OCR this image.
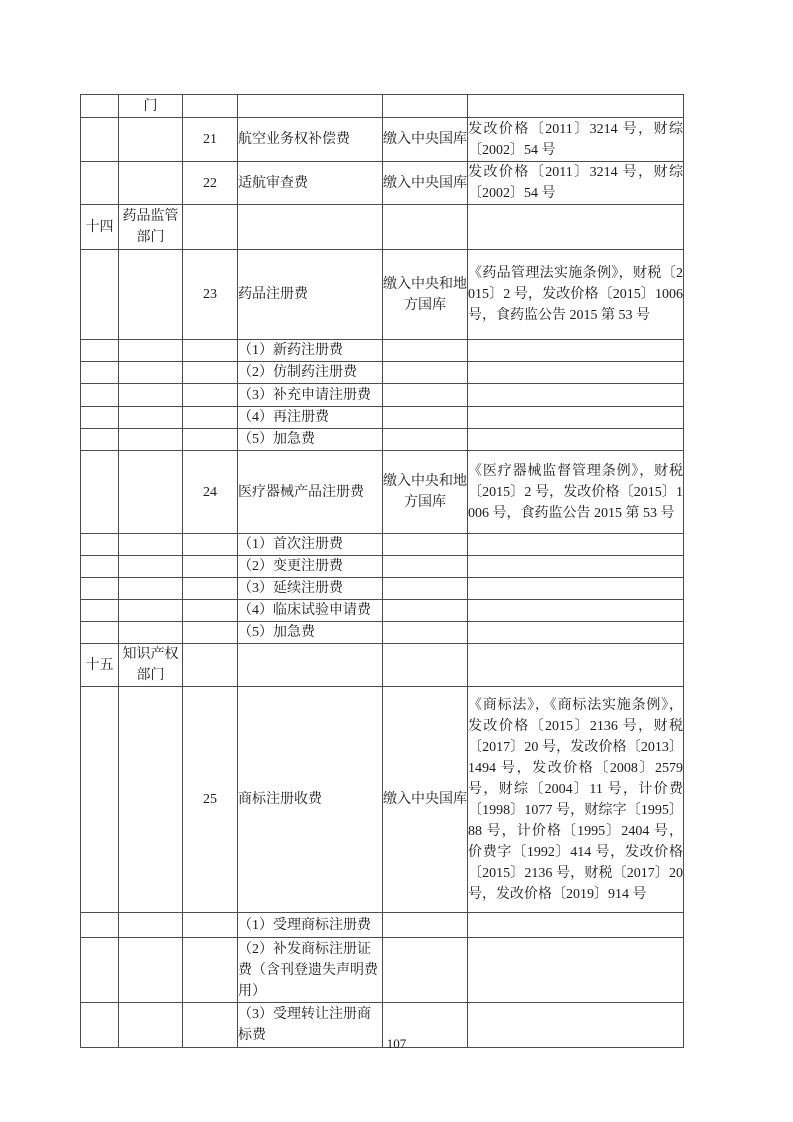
	门				
		21	航空业务权补偿费	缴入中央国库	发改价格〔2011〕3214 号，财综〔2002〕54 号
		22	适航审查费	缴入中央国库	发改价格〔2011〕3214 号，财综〔2002〕54 号
十四	药品监管部门				
		23	药品注册费	缴入中央和地方国库	《药品管理法实施条例》，财税〔2015〕2 号，发改价格〔2015〕1006 号，食药监公告 2015 第 53 号
			（1）新药注册费		
			（2）仿制药注册费		
			（3）补充申请注册费		
			（4）再注册费		
			（5）加急费		
		24	医疗器械产品注册费	缴入中央和地方国库	《医疗器械监督管理条例》，财税〔2015〕2 号，发改价格〔2015〕1006 号，食药监公告 2015 第 53 号
			（1）首次注册费		
			（2）变更注册费		
			（3）延续注册费		
			（4）临床试验申请费		
			（5）加急费		
十五	知识产权部门				
		25	商标注册收费	缴入中央国库	《商标法》，《商标法实施条例》，发改价格〔2015〕2136 号，财税〔2017〕20 号，发改价格〔2013〕1494 号，发改价格〔2008〕2579 号，财综〔2004〕11 号，计价费〔1998〕1077 号，财综字〔1995〕88 号，计价格〔1995〕2404 号，价费字〔1992〕414 号，发改价格〔2015〕2136 号，财税〔2017〕20 号，发改价格〔2019〕914 号
			（1）受理商标注册费		
			（2）补发商标注册证费（含刊登遗失声明费用）		
			（3）受理转让注册商标费		
107
